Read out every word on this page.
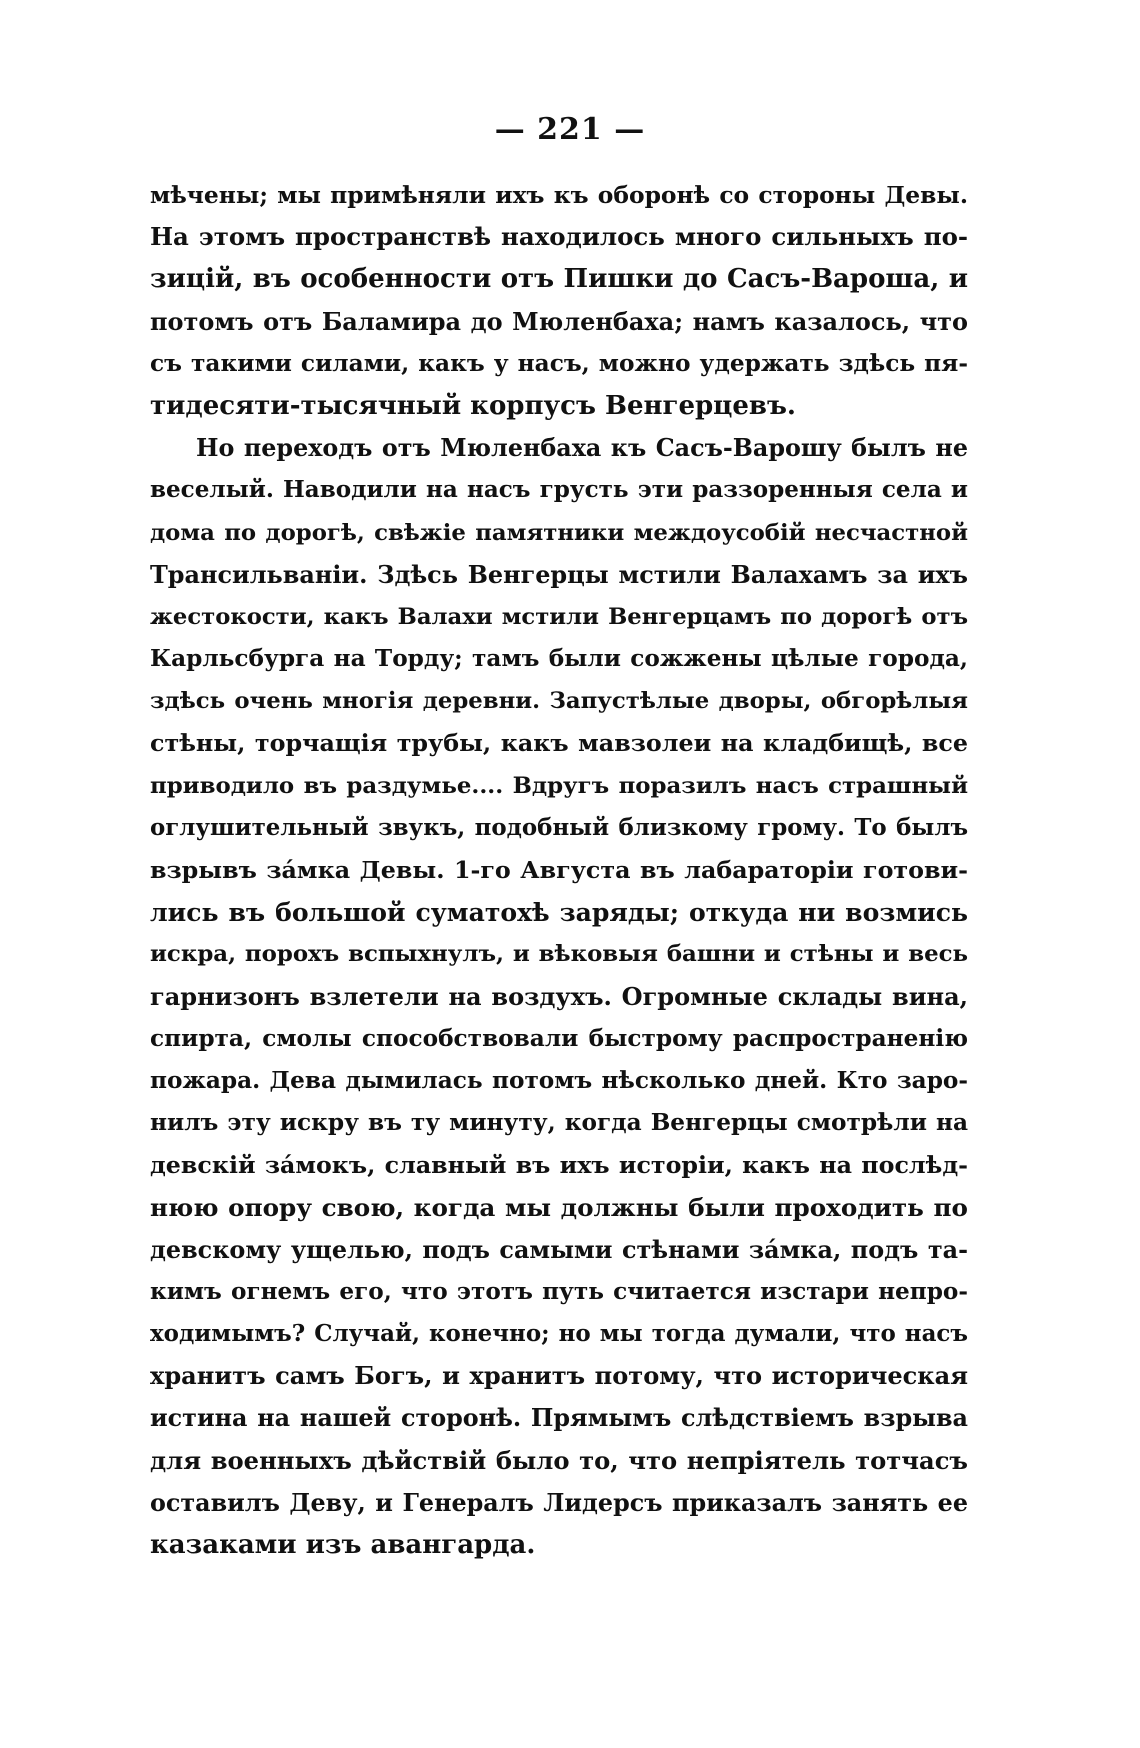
— 221 —
мѣчены; мы примѣняли ихъ къ оборонѣ со стороны Девы.
На этомъ пространствѣ находилось много сильныхъ по-
зицій, въ особенности отъ Пишки до Сасъ-Вароша, и
потомъ отъ Баламира до Мюленбаха; намъ казалось, что
съ такими силами, какъ у насъ, можно удержать здѣсь пя-
тидесяти-тысячный корпусъ Венгерцевъ.
Но переходъ отъ Мюленбаха къ Сасъ-Варошу былъ не
веселый. Наводили на насъ грусть эти раззоренныя села и
дома по дорогѣ, свѣжіе памятники междоусобій несчастной
Трансильваніи. Здѣсь Венгерцы мстили Валахамъ за ихъ
жестокости, какъ Валахи мстили Венгерцамъ по дорогѣ отъ
Карльсбурга на Торду; тамъ были сожжены цѣлые города,
здѣсь очень многія деревни. Запустѣлые дворы, обгорѣлыя
стѣны, торчащія трубы, какъ мавзолеи на кладбищѣ, все
приводило въ раздумье.... Вдругъ поразилъ насъ страшный
оглушительный звукъ, подобный близкому грому. То былъ
взрывъ зáмка Девы. 1-го Августа въ лабараторіи готови-
лись въ большой суматохѣ заряды; откуда ни возмись
искра, порохъ вспыхнулъ, и вѣковыя башни и стѣны и весь
гарнизонъ взлетели на воздухъ. Огромные склады вина,
спирта, смолы способствовали быстрому распространенію
пожара. Дева дымилась потомъ нѣсколько дней. Кто заро-
нилъ эту искру въ ту минуту, когда Венгерцы смотрѣли на
девскій зáмокъ, славный въ ихъ исторіи, какъ на послѣд-
нюю опору свою, когда мы должны были проходить по
девскому ущелью, подъ самыми стѣнами зáмка, подъ та-
кимъ огнемъ его, что этотъ путь считается изстари непро-
ходимымъ? Случай, конечно; но мы тогда думали, что насъ
хранитъ самъ Богъ, и хранитъ потому, что историческая
истина на нашей сторонѣ. Прямымъ слѣдствіемъ взрыва
для военныхъ дѣйствій было то, что непріятель тотчасъ
оставилъ Деву, и Генералъ Лидерсъ приказалъ занять ее
казаками изъ авангарда.
